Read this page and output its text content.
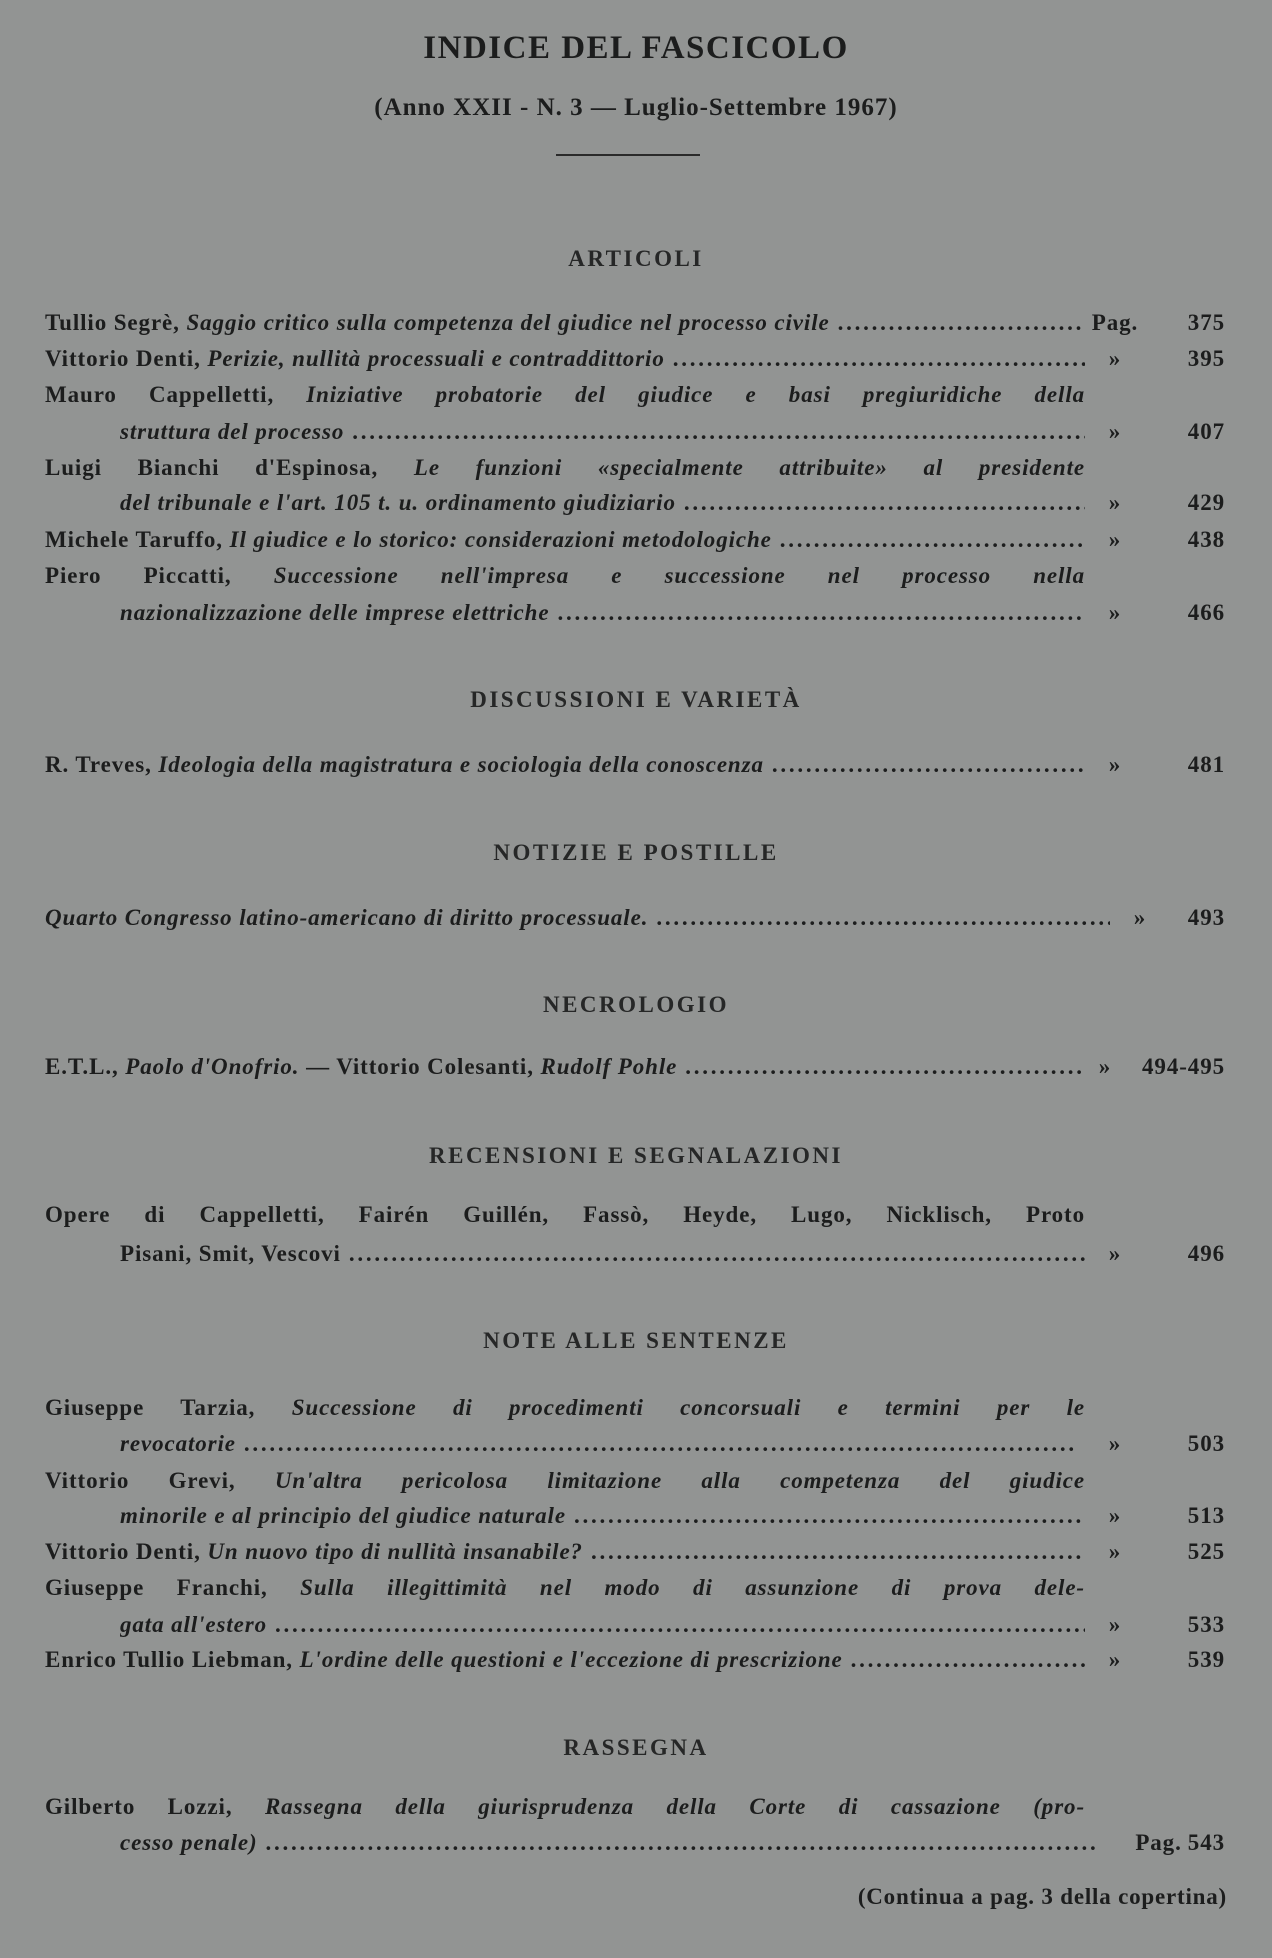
INDICE DEL FASCICOLO
(Anno XXII - N. 3 — Luglio-Settembre 1967)
ARTICOLI
Tullio Segrè,
Saggio critico sulla competenza del giudice nel processo civile . . .	Pag.	375
Vittorio Denti,
Perizie, nullità processuali e contraddittorio . . .	»	395
Mauro Cappelletti, Iniziative probatorie del giudice e basi pregiuridiche della
struttura del processo . . .	»	407
Luigi Bianchi d'Espinosa, Le funzioni «specialmente attribuite» al presidente
del tribunale e l'art. 105 t. u. ordinamento giudiziario . . .	»	429
Michele Taruffo,
Il giudice e lo storico: considerazioni metodologiche . . .	»	438
Piero Piccatti, Successione nell'impresa e successione nel processo nella
nazionalizzazione delle imprese elettriche . . .	»	466
DISCUSSIONI E VARIETÀ
R. Treves,
Ideologia della magistratura e sociologia della conoscenza . . .	»	481
NOTIZIE E POSTILLE
Quarto Congresso latino-americano di diritto processuale. . . .	»	493
NECROLOGIO
E.T.L.,
Paolo d'Onofrio.
— Vittorio Colesanti,
Rudolf Pohle . . .	»	494-495
RECENSIONI E SEGNALAZIONI
Opere di Cappelletti, Fairén Guillén, Fassò, Heyde, Lugo, Nicklisch, Proto
Pisani, Smit, Vescovi . . .	»	496
NOTE ALLE SENTENZE
Giuseppe Tarzia, Successione di procedimenti concorsuali e termini per le
revocatorie . . .	»	503
Vittorio Grevi, Un'altra pericolosa limitazione alla competenza del giudice
minorile e al principio del giudice naturale . . .	»	513
Vittorio Denti,
Un nuovo tipo di nullità insanabile? . . .	»	525
Giuseppe Franchi, Sulla illegittimità nel modo di assunzione di prova dele-
gata all'estero . . .	»	533
Enrico Tullio Liebman,
L'ordine delle questioni e l'eccezione di prescrizione . . .	»	539
RASSEGNA
Gilberto Lozzi, Rassegna della giurisprudenza della Corte di cassazione (pro-
cesso penale) . . .	Pag. 543
(Continua a pag. 3 della copertina)
